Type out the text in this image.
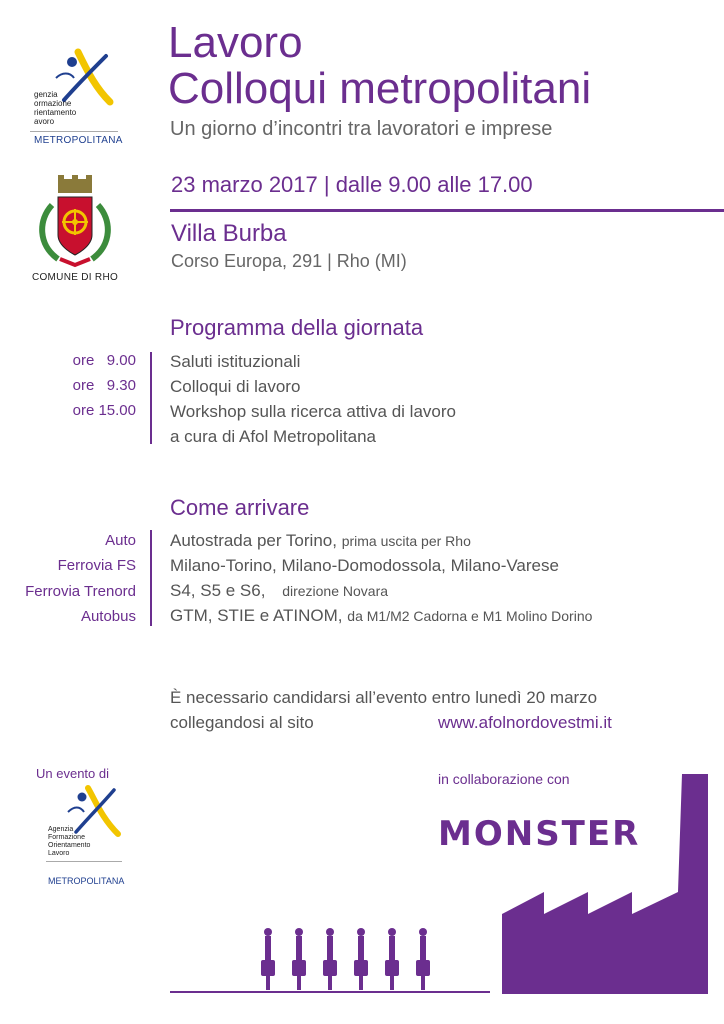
genzia
ormazione
rientamento
avoro
METROPOLITANA
COMUNE DI RHO
Lavoro
Colloqui metropolitani
Un giorno d’incontri tra lavoratori e imprese
23 marzo 2017 | dalle 9.00 alle 17.00
Villa Burba
Corso Europa, 291 | Rho (MI)
Programma della giornata
ore   9.00
ore   9.30
ore 15.00
Saluti istituzionali
Colloqui di lavoro
Workshop sulla ricerca attiva di lavoro
a cura di Afol Metropolitana
Come arrivare
Auto
Ferrovia FS
Ferrovia Trenord
Autobus
Autostrada per Torino, prima uscita per Rho
Milano-Torino, Milano-Domodossola, Milano-Varese
S4, S5 e S6, direzione Novara
GTM, STIE e ATINOM, da M1/M2 Cadorna e M1 Molino Dorino
È necessario candidarsi all’evento entro lunedì 20 marzo
collegandosi al sito	www.afolnordovestmi.it
Un evento di
Agenzia
Formazione
Orientamento
Lavoro
METROPOLITANA
in collaborazione con
MONSTER
